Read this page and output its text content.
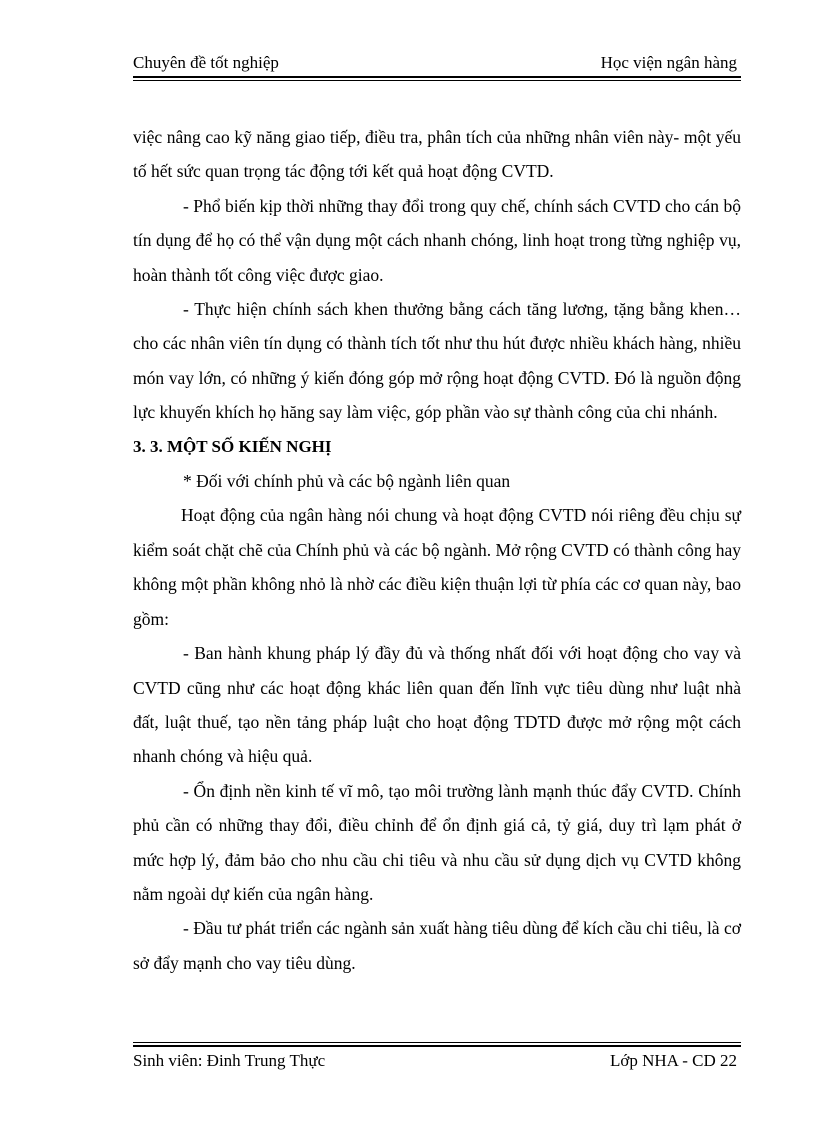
Chuyên đề tốt nghiệp	Học viện ngân hàng

việc nâng cao kỹ năng giao tiếp, điều tra, phân tích của những nhân viên này- một yếu tố hết sức quan trọng tác động tới kết quả hoạt động CVTD.

- Phổ biến kịp thời những thay đổi trong quy chế, chính sách CVTD cho cán bộ tín dụng để họ có thể vận dụng một cách nhanh chóng, linh hoạt trong từng nghiệp vụ, hoàn thành tốt công việc được giao.

- Thực hiện chính sách khen thưởng bằng cách tăng lương, tặng bằng khen… cho các nhân viên tín dụng có thành tích tốt như thu hút được nhiều khách hàng, nhiều món vay lớn, có những ý kiến đóng góp mở rộng hoạt động CVTD. Đó là nguồn động lực khuyến khích họ hăng say làm việc, góp phần vào sự thành công của chi nhánh.

3. 3. MỘT SỐ KIẾN NGHỊ

* Đối với chính phủ và các bộ ngành liên quan

Hoạt động của ngân hàng nói chung và hoạt động CVTD nói riêng đều chịu sự kiểm soát chặt chẽ của Chính phủ và các bộ ngành. Mở rộng CVTD có thành công hay không một phần không nhỏ là nhờ các điều kiện thuận lợi từ phía các cơ quan này, bao gồm:

- Ban hành khung pháp lý đầy đủ và thống nhất đối với hoạt động cho vay và CVTD cũng như các hoạt động khác liên quan đến lĩnh vực tiêu dùng như luật nhà đất, luật thuế, tạo nền tảng pháp luật cho hoạt động TDTD được mở rộng một cách nhanh chóng và hiệu quả.

- Ổn định nền kinh tế vĩ mô, tạo môi trường lành mạnh thúc đẩy CVTD. Chính phủ cần có những thay đổi, điều chỉnh để ổn định giá cả, tỷ giá, duy trì lạm phát ở mức hợp lý, đảm bảo cho nhu cầu chi tiêu và nhu cầu sử dụng dịch vụ CVTD không nằm ngoài dự kiến của ngân hàng.

- Đầu tư phát triển các ngành sản xuất hàng tiêu dùng để kích cầu chi tiêu, là cơ sở đẩy mạnh cho vay tiêu dùng.

Sinh viên: Đinh Trung Thực	Lớp NHA - CD 22
